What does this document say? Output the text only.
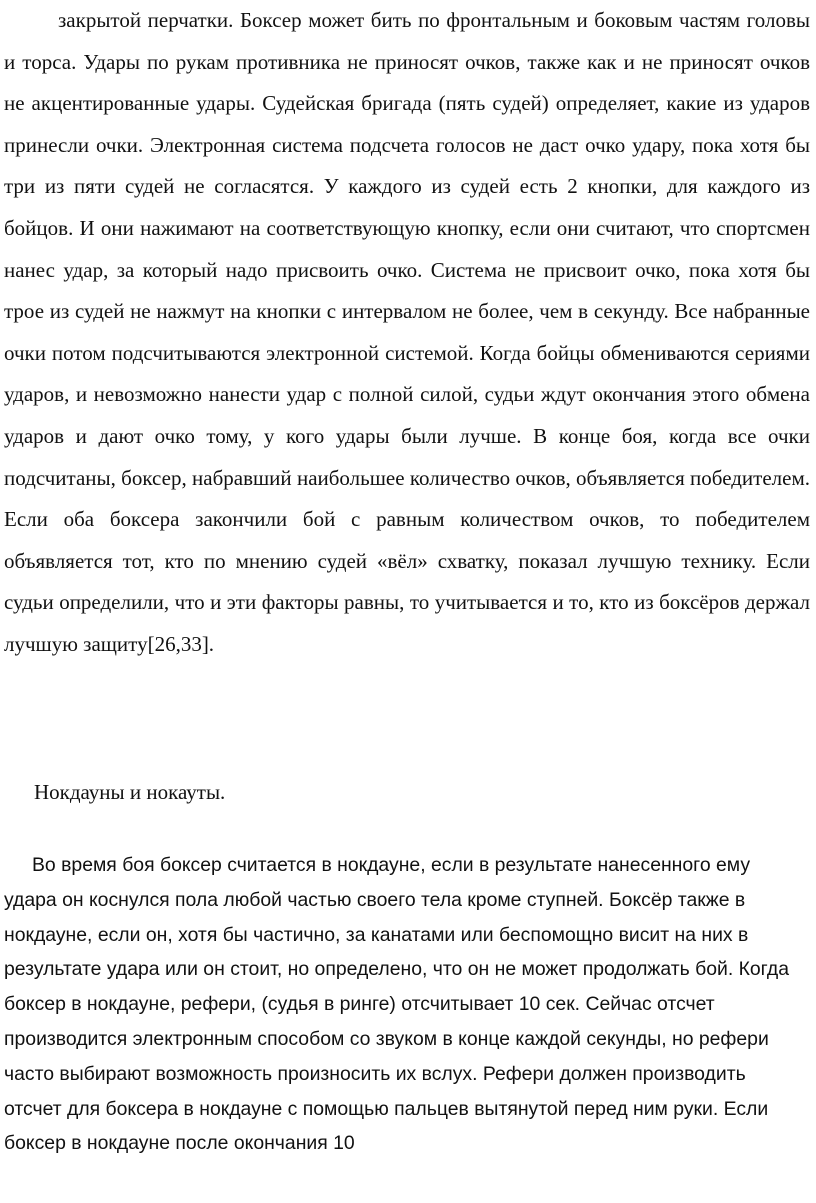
закрытой перчатки. Боксер может бить по фронтальным и боковым частям головы и торса. Удары по рукам противника не приносят очков, также как и не приносят очков не акцентированные удары. Судейская бригада (пять судей) определяет, какие из ударов принесли очки. Электронная система подсчета голосов не даст очко удару, пока хотя бы три из пяти судей не согласятся. У каждого из судей есть 2 кнопки, для каждого из бойцов. И они нажимают на соответствующую кнопку, если они считают, что спортсмен нанес удар, за который надо присвоить очко. Система не присвоит очко, пока хотя бы трое из судей не нажмут на кнопки с интервалом не более, чем в секунду. Все набранные очки потом подсчитываются электронной системой. Когда бойцы обмениваются сериями ударов, и невозможно нанести удар с полной силой, судьи ждут окончания этого обмена ударов и дают очко тому, у кого удары были лучше. В конце боя, когда все очки подсчитаны, боксер, набравший наибольшее количество очков, объявляется победителем. Если оба боксера закончили бой с равным количеством очков, то победителем объявляется тот, кто по мнению судей «вёл» схватку, показал лучшую технику. Если судьи определили, что и эти факторы равны, то учитывается и то, кто из боксёров держал лучшую защиту[26,33].

Нокдауны и нокауты.

Во время боя боксер считается в нокдауне, если в результате нанесенного ему удара он коснулся пола любой частью своего тела кроме ступней. Боксёр также в нокдауне, если он, хотя бы частично, за канатами или беспомощно висит на них в результате удара или он стоит, но определено, что он не может продолжать бой. Когда боксер в нокдауне, рефери, (судья в ринге) отсчитывает 10 сек. Сейчас отсчет производится электронным способом со звуком в конце каждой секунды, но рефери часто выбирают возможность произносить их вслух. Рефери должен производить отсчет для боксера в нокдауне с помощью пальцев вытянутой перед ним руки. Если боксер в нокдауне после окончания 10
